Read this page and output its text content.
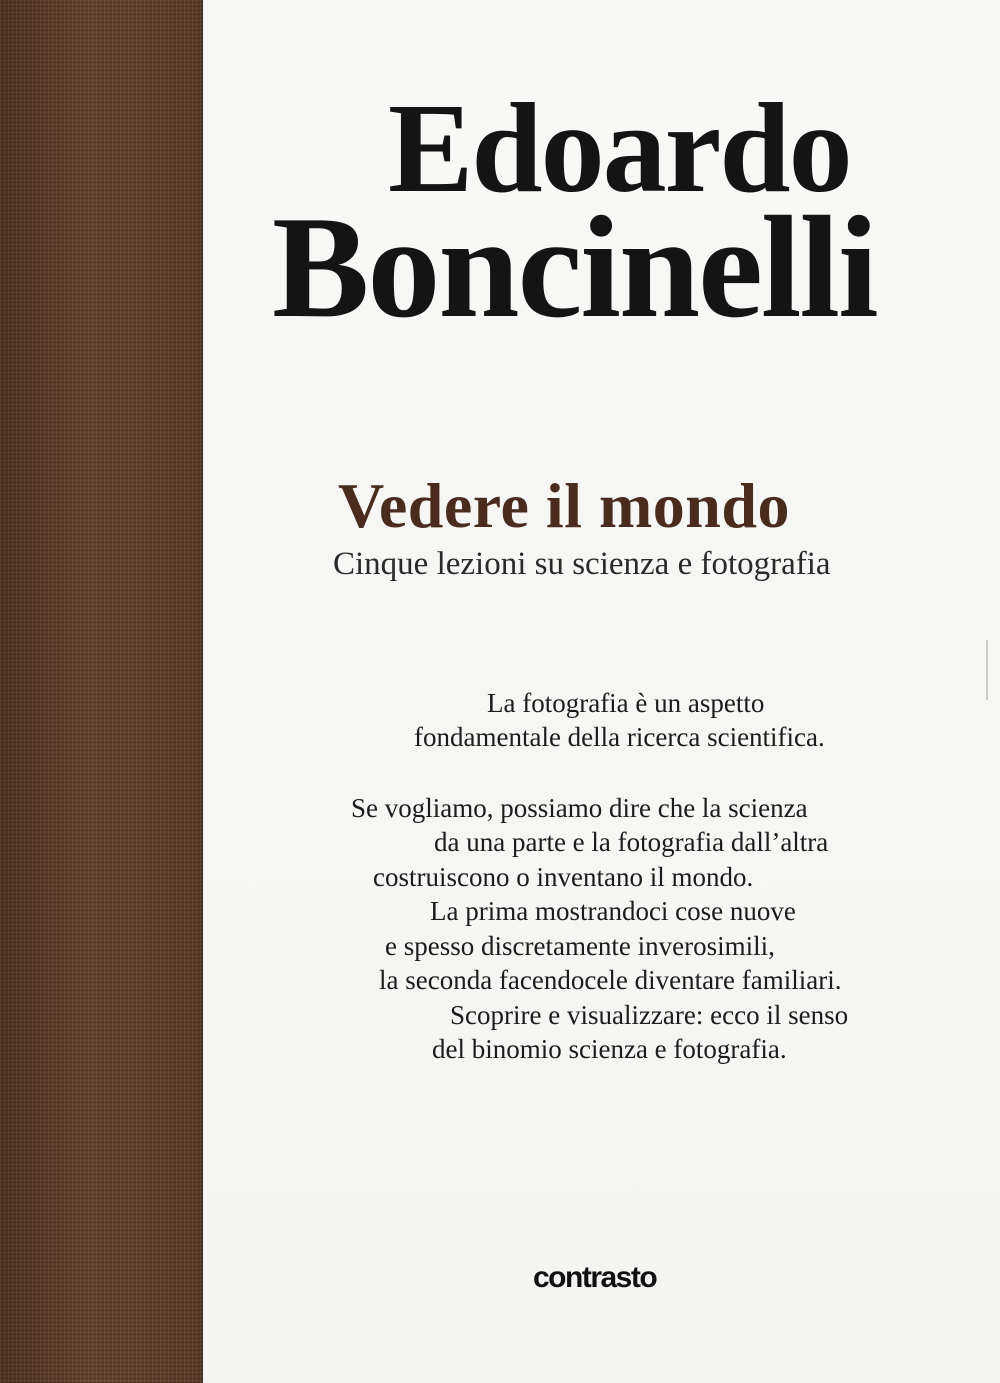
Edoardo
Boncinelli
Vedere il mondo

Cinque lezioni su scienza e fotografia

La fotografia è un aspetto

fondamentale della ricerca scientifica.

Se vogliamo, possiamo dire che la scienza

da una parte e la fotografia dall’altra

costruiscono o inventano il mondo.

La prima mostrandoci cose nuove

e spesso discretamente inverosimili,

la seconda facendocele diventare familiari.

Scoprire e visualizzare: ecco il senso

del binomio scienza e fotografia.

contrasto
